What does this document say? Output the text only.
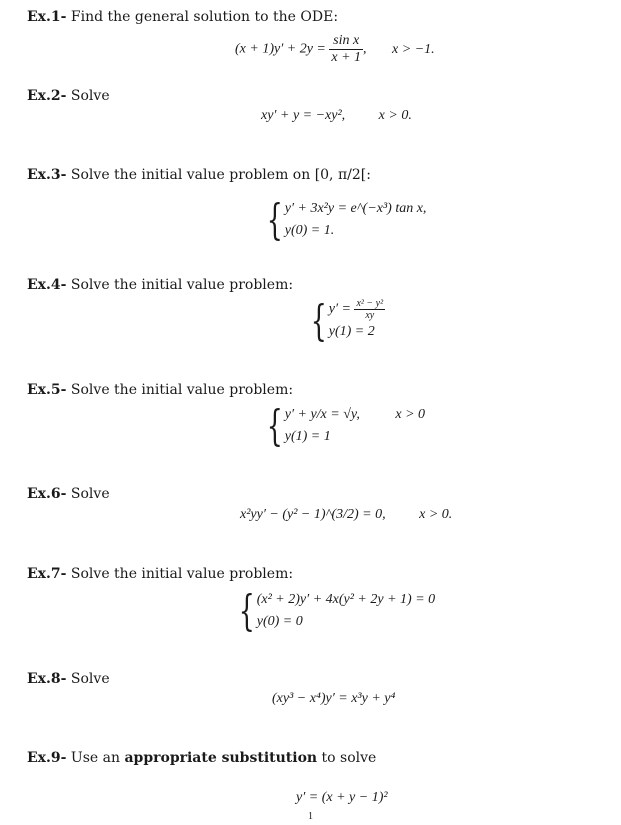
Ex.1- Find the general solution to the ODE:
$(x + 1)y' + 2y = \frac{\text{sin x}}{x + 1}$ , x > −1.
Ex.2- Solve
xy′ + y = −xy², x > 0.
Ex.3- Solve the initial value problem on [0, π/2[:
{ y′ + 3x²y = e^(−x³) tan x,
y(0) = 1.
Ex.4- Solve the initial value problem:
{ $y' = \frac{\text{x² − y²}}{xy}$
y(1) = 2
Ex.5- Solve the initial value problem:
{ y′ + y/x = √y,	x > 0
y(1) = 1
Ex.6- Solve
x²yy′ − (y² − 1)^(3/2) = 0, x > 0.
Ex.7- Solve the initial value problem:
{ (x² + 2)y′ + 4x(y² + 2y + 1) = 0
y(0) = 0
Ex.8- Solve
(xy³ − x⁴)y′ = x³y + y⁴
Ex.9- Use an appropriate substitution to solve
y′ = (x + y − 1)²
1
